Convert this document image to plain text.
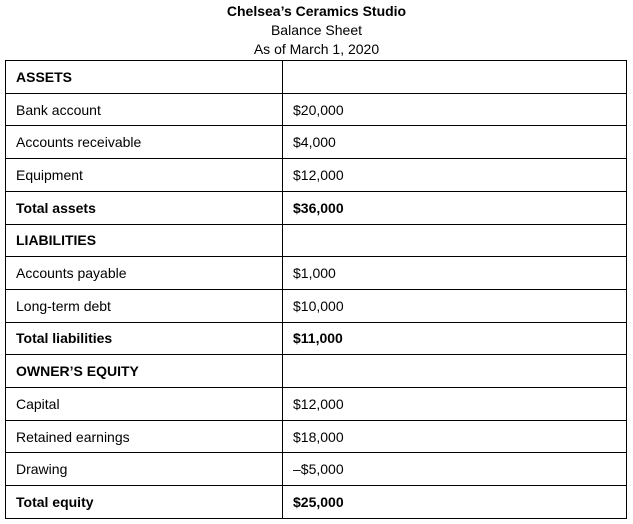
Chelsea’s Ceramics Studio
Balance Sheet
As of March 1, 2020
ASSETS	
Bank account	$20,000
Accounts receivable	$4,000
Equipment	$12,000
Total assets	$36,000
LIABILITIES	
Accounts payable	$1,000
Long-term debt	$10,000
Total liabilities	$11,000
OWNER’S EQUITY	
Capital	$12,000
Retained earnings	$18,000
Drawing	–$5,000
Total equity	$25,000
